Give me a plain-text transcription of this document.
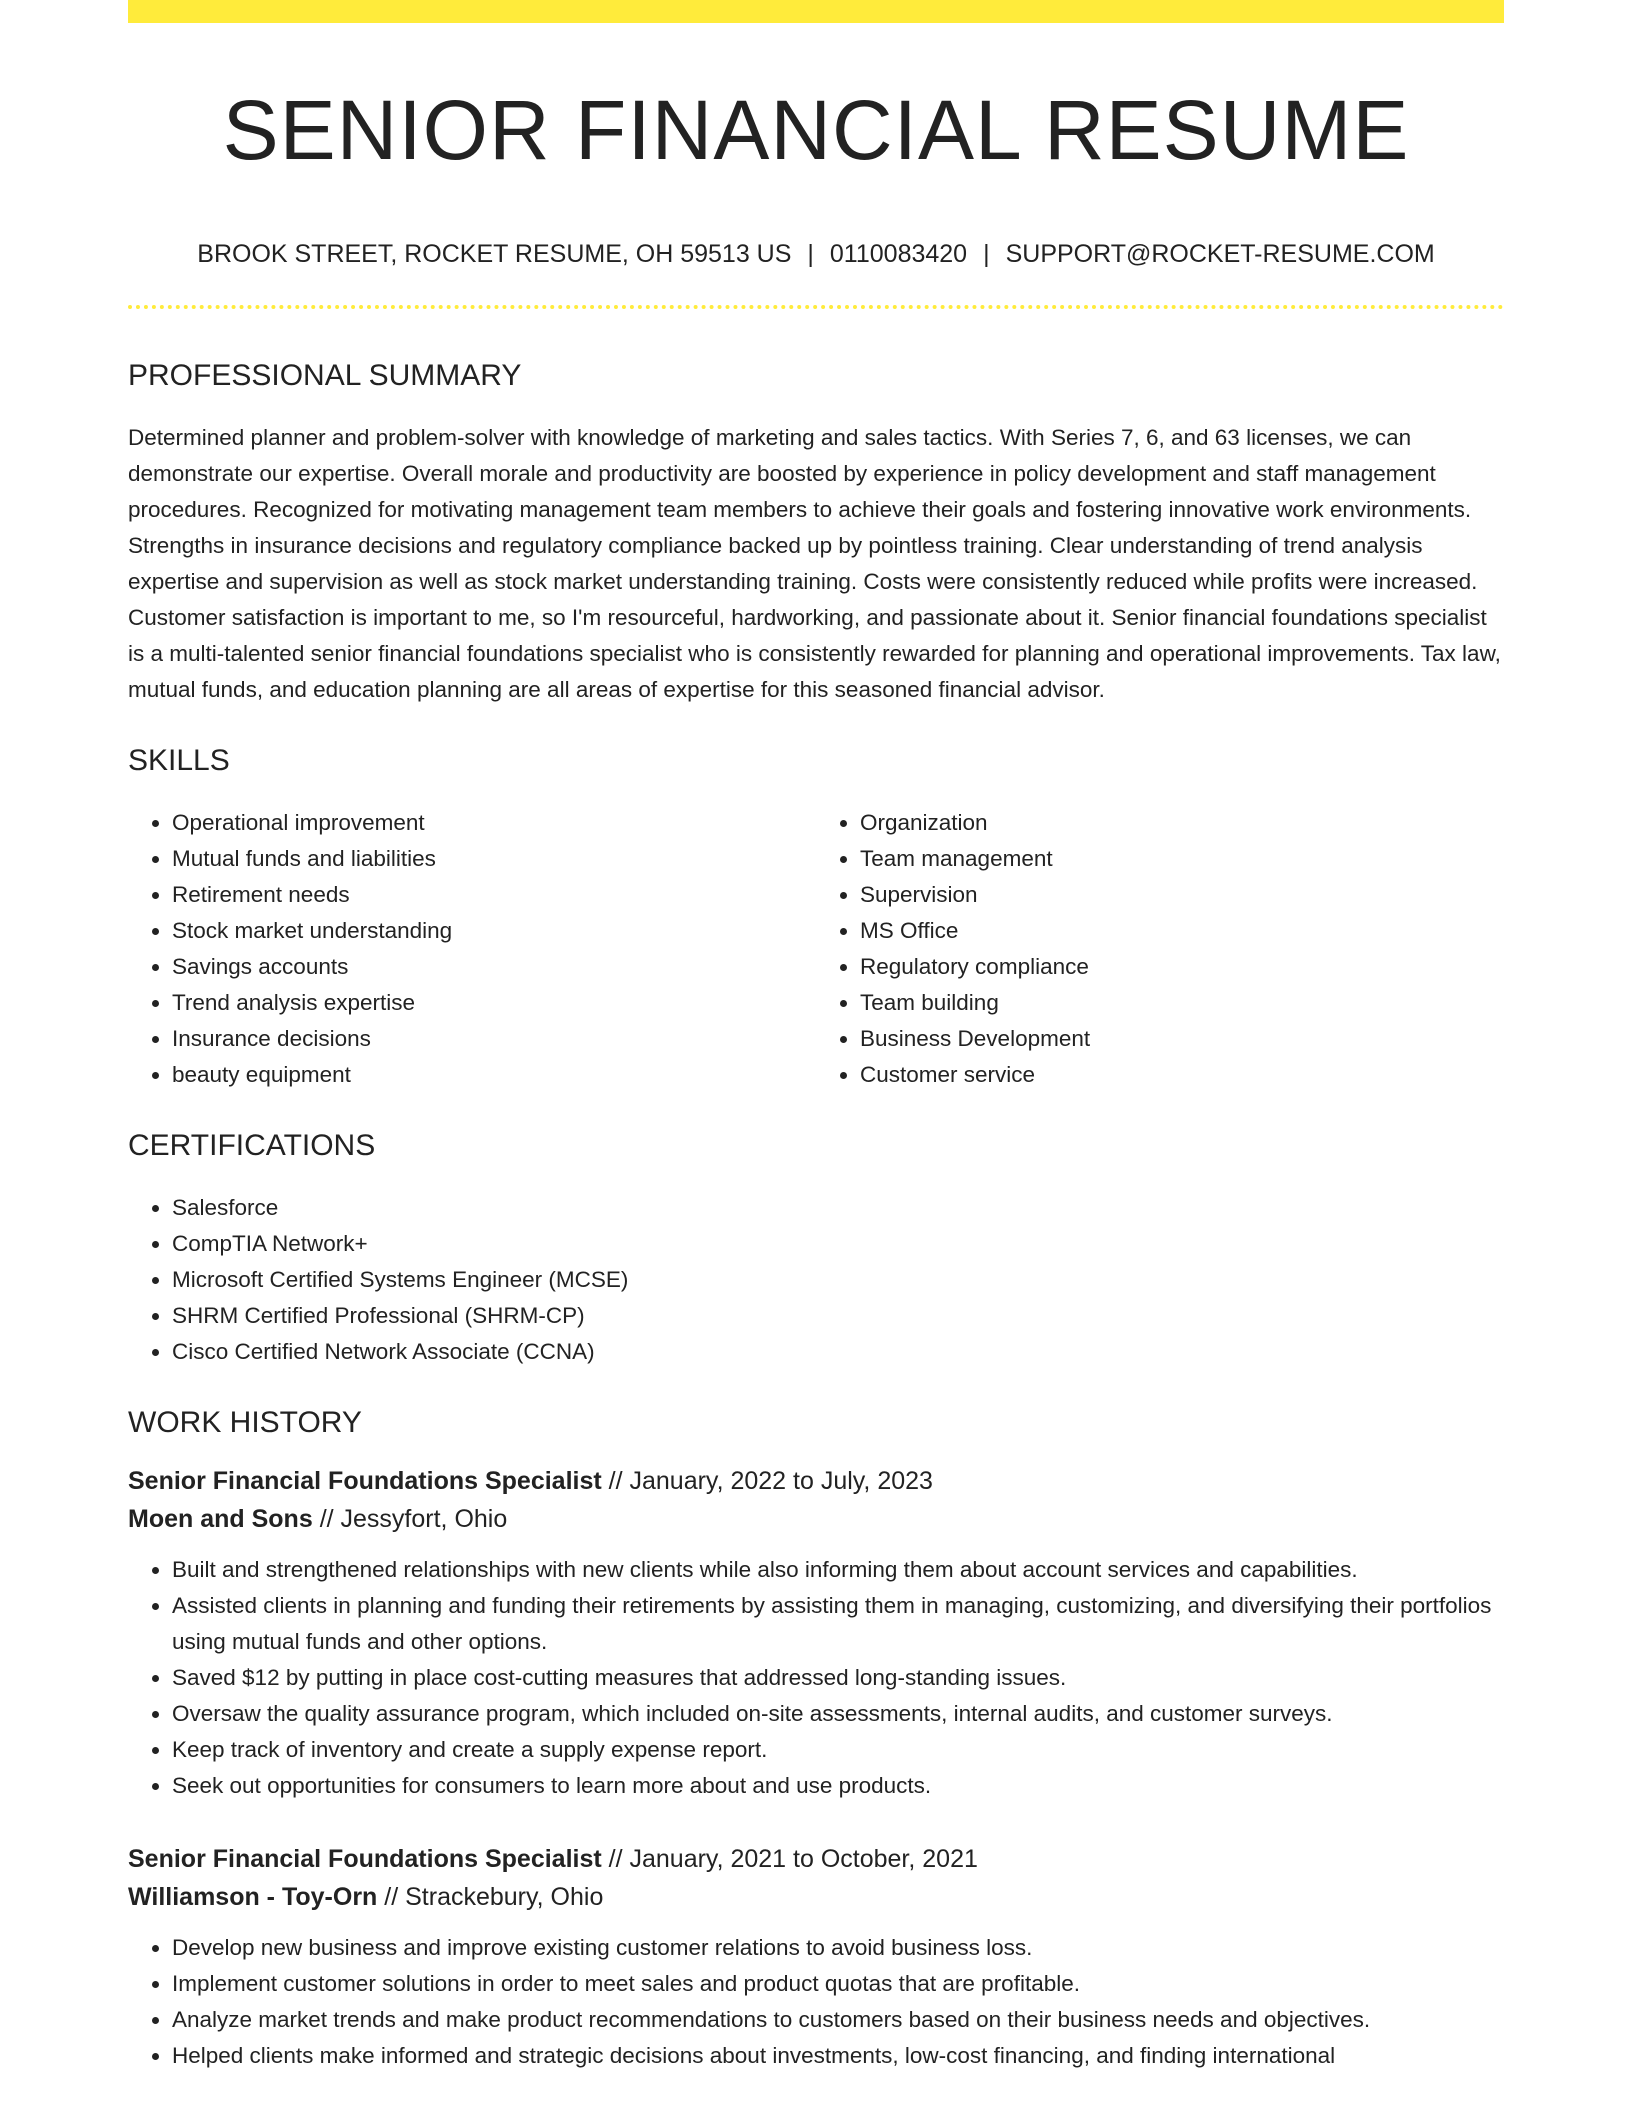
SENIOR FINANCIAL RESUME
BROOK STREET, ROCKET RESUME, OH 59513 US | 0110083420 | SUPPORT@ROCKET-RESUME.COM
PROFESSIONAL SUMMARY

Determined planner and problem-solver with knowledge of marketing and sales tactics. With Series 7, 6, and 63 licenses, we can demonstrate our expertise. Overall morale and productivity are boosted by experience in policy development and staff management procedures. Recognized for motivating management team members to achieve their goals and fostering innovative work environments. Strengths in insurance decisions and regulatory compliance backed up by pointless training. Clear understanding of trend analysis expertise and supervision as well as stock market understanding training. Costs were consistently reduced while profits were increased. Customer satisfaction is important to me, so I'm resourceful, hardworking, and passionate about it. Senior financial foundations specialist is a multi-talented senior financial foundations specialist who is consistently rewarded for planning and operational improvements. Tax law, mutual funds, and education planning are all areas of expertise for this seasoned financial advisor.

SKILLS
• Operational improvement
• Mutual funds and liabilities
• Retirement needs
• Stock market understanding
• Savings accounts
• Trend analysis expertise
• Insurance decisions
• beauty equipment
• Organization
• Team management
• Supervision
• MS Office
• Regulatory compliance
• Team building
• Business Development
• Customer service
CERTIFICATIONS
• Salesforce
• CompTIA Network+
• Microsoft Certified Systems Engineer (MCSE)
• SHRM Certified Professional (SHRM-CP)
• Cisco Certified Network Associate (CCNA)
WORK HISTORY
Senior Financial Foundations Specialist // January, 2022 to July, 2023
Moen and Sons // Jessyfort, Ohio
• Built and strengthened relationships with new clients while also informing them about account services and capabilities.
• Assisted clients in planning and funding their retirements by assisting them in managing, customizing, and diversifying their portfolios using mutual funds and other options.
• Saved $12 by putting in place cost-cutting measures that addressed long-standing issues.
• Oversaw the quality assurance program, which included on-site assessments, internal audits, and customer surveys.
• Keep track of inventory and create a supply expense report.
• Seek out opportunities for consumers to learn more about and use products.
Senior Financial Foundations Specialist // January, 2021 to October, 2021
Williamson - Toy-Orn // Strackebury, Ohio
• Develop new business and improve existing customer relations to avoid business loss.
• Implement customer solutions in order to meet sales and product quotas that are profitable.
• Analyze market trends and make product recommendations to customers based on their business needs and objectives.
• Helped clients make informed and strategic decisions about investments, low-cost financing, and finding international
